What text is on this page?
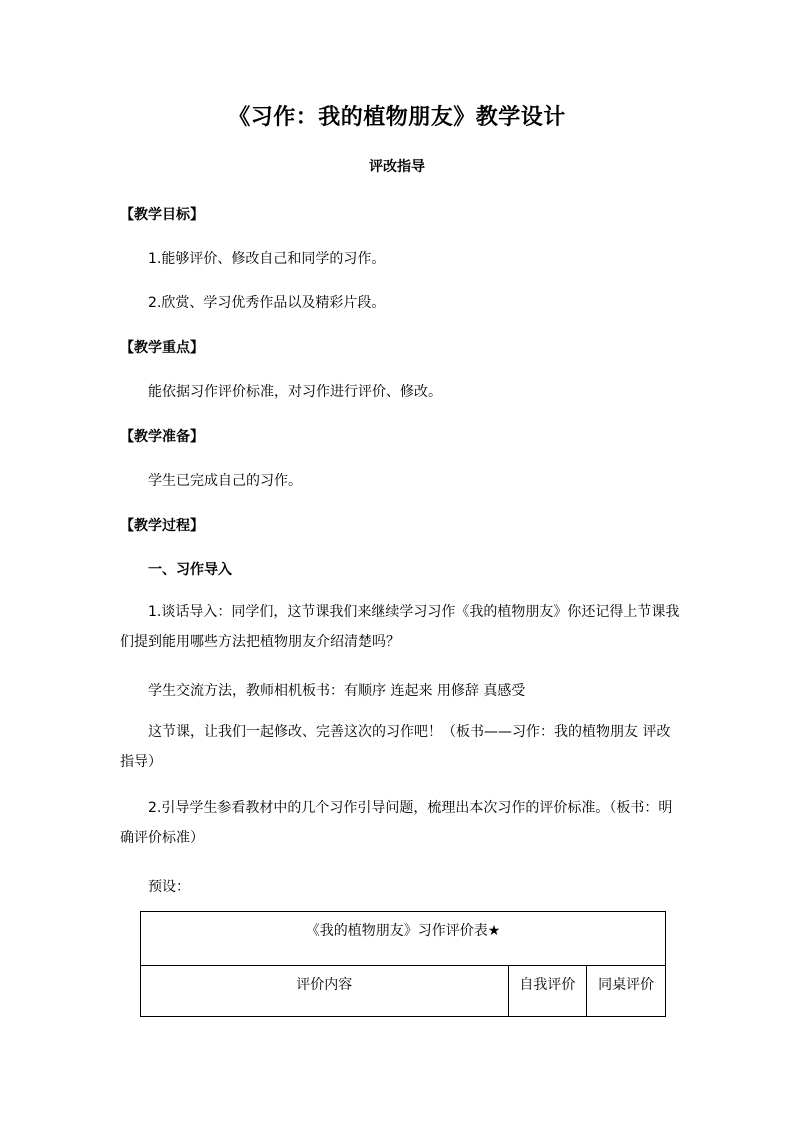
《习作：我的植物朋友》教学设计
评改指导
【教学目标】
1.能够评价、修改自己和同学的习作。
2.欣赏、学习优秀作品以及精彩片段。
【教学重点】
能依据习作评价标准，对习作进行评价、修改。
【教学准备】
学生已完成自己的习作。
【教学过程】
一、习作导入
1.谈话导入：同学们，这节课我们来继续学习习作《我的植物朋友》你还记得上节课我们提到能用哪些方法把植物朋友介绍清楚吗？
学生交流方法，教师相机板书：有顺序 连起来 用修辞 真感受
这节课，让我们一起修改、完善这次的习作吧！（板书——习作：我的植物朋友 评改指导）
2.引导学生参看教材中的几个习作引导问题，梳理出本次习作的评价标准。（板书：明确评价标准）
预设：
《我的植物朋友》习作评价表★
评价内容	自我评价	同桌评价
